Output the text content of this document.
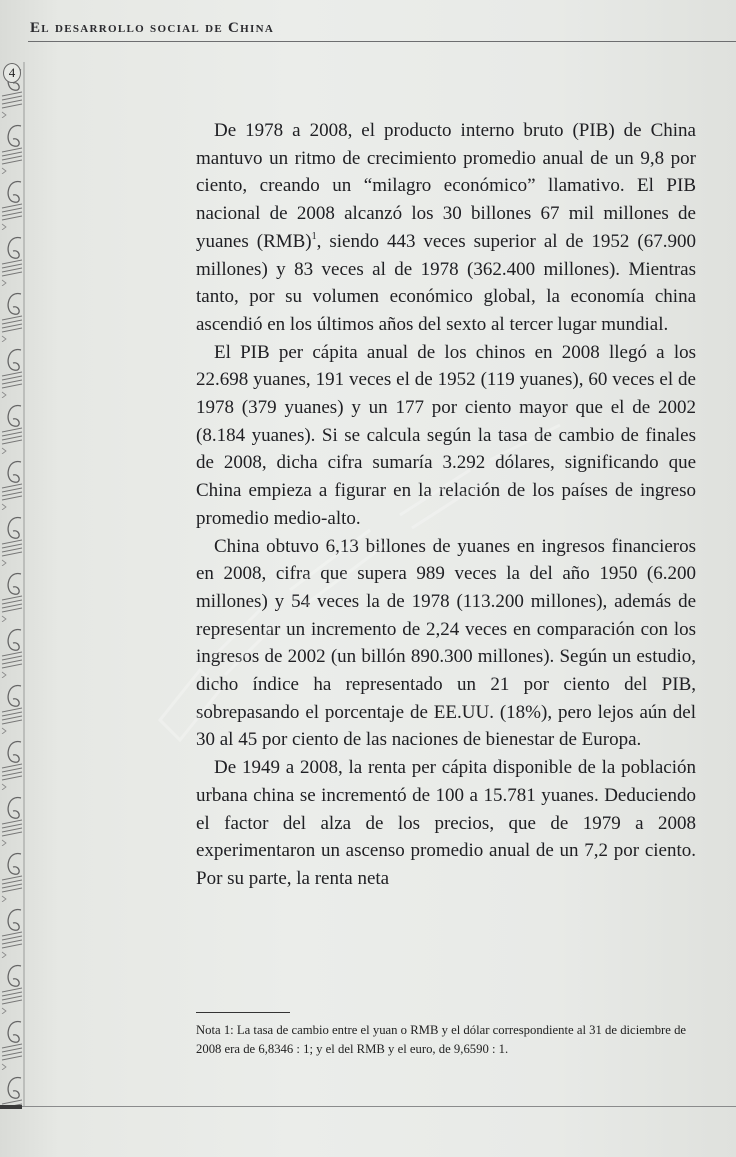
El desarrollo social de China
4

De 1978 a 2008, el producto interno bruto (PIB) de China mantuvo un ritmo de crecimiento promedio anual de un 9,8 por ciento, creando un “milagro económico” llamativo. El PIB nacional de 2008 alcanzó los 30 billones 67 mil millones de yuanes (RMB)$^1$, siendo 443 veces superior al de 1952 (67.900 millones) y 83 veces al de 1978 (362.400 millones). Mientras tanto, por su volumen económico global, la economía china ascendió en los últimos años del sexto al tercer lugar mundial.

El PIB per cápita anual de los chinos en 2008 llegó a los 22.698 yuanes, 191 veces el de 1952 (119 yuanes), 60 veces el de 1978 (379 yuanes) y un 177 por ciento mayor que el de 2002 (8.184 yuanes). Si se calcula según la tasa de cambio de finales de 2008, dicha cifra sumaría 3.292 dólares, significando que China empieza a figurar en la relación de los países de ingreso promedio medio-alto.

China obtuvo 6,13 billones de yuanes en ingresos financieros en 2008, cifra que supera 989 veces la del año 1950 (6.200 millones) y 54 veces la de 1978 (113.200 millones), además de representar un incremento de 2,24 veces en comparación con los ingresos de 2002 (un billón 890.300 millones). Según un estudio, dicho índice ha representado un 21 por ciento del PIB, sobrepasando el porcentaje de EE.UU. (18%), pero lejos aún del 30 al 45 por ciento de las naciones de bienestar de Europa.

De 1949 a 2008, la renta per cápita disponible de la población urbana china se incrementó de 100 a 15.781 yuanes. Deduciendo el factor del alza de los precios, que de 1979 a 2008 experimentaron un ascenso promedio anual de un 7,2 por ciento. Por su parte, la renta neta

Nota 1: La tasa de cambio entre el yuan o RMB y el dólar correspondiente al 31 de diciembre de 2008 era de 6,8346 : 1; y el del RMB y el euro, de 9,6590 : 1.
